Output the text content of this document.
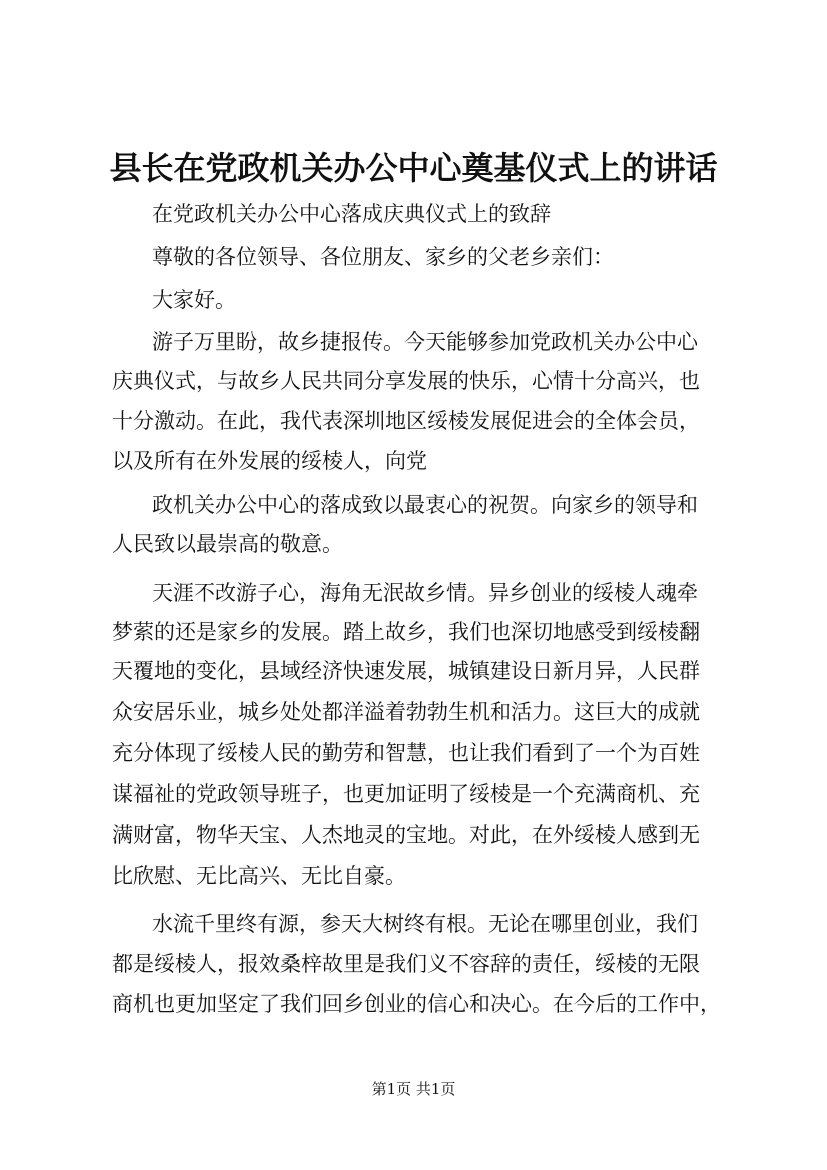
县长在党政机关办公中心奠基仪式上的讲话
在党政机关办公中心落成庆典仪式上的致辞
尊敬的各位领导、各位朋友、家乡的父老乡亲们：
大家好。
游子万里盼，故乡捷报传。今天能够参加党政机关办公中心
庆典仪式，与故乡人民共同分享发展的快乐，心情十分高兴，也
十分激动。在此，我代表深圳地区绥棱发展促进会的全体会员，
以及所有在外发展的绥棱人，向党
政机关办公中心的落成致以最衷心的祝贺。向家乡的领导和
人民致以最崇高的敬意。
天涯不改游子心，海角无泯故乡情。异乡创业的绥棱人魂牵
梦萦的还是家乡的发展。踏上故乡，我们也深切地感受到绥棱翻
天覆地的变化，县域经济快速发展，城镇建设日新月异，人民群
众安居乐业，城乡处处都洋溢着勃勃生机和活力。这巨大的成就
充分体现了绥棱人民的勤劳和智慧，也让我们看到了一个为百姓
谋福祉的党政领导班子，也更加证明了绥棱是一个充满商机、充
满财富，物华天宝、人杰地灵的宝地。对此，在外绥棱人感到无
比欣慰、无比高兴、无比自豪。
水流千里终有源，参天大树终有根。无论在哪里创业，我们
都是绥棱人，报效桑梓故里是我们义不容辞的责任，绥棱的无限
商机也更加坚定了我们回乡创业的信心和决心。在今后的工作中，
第1页 共1页
